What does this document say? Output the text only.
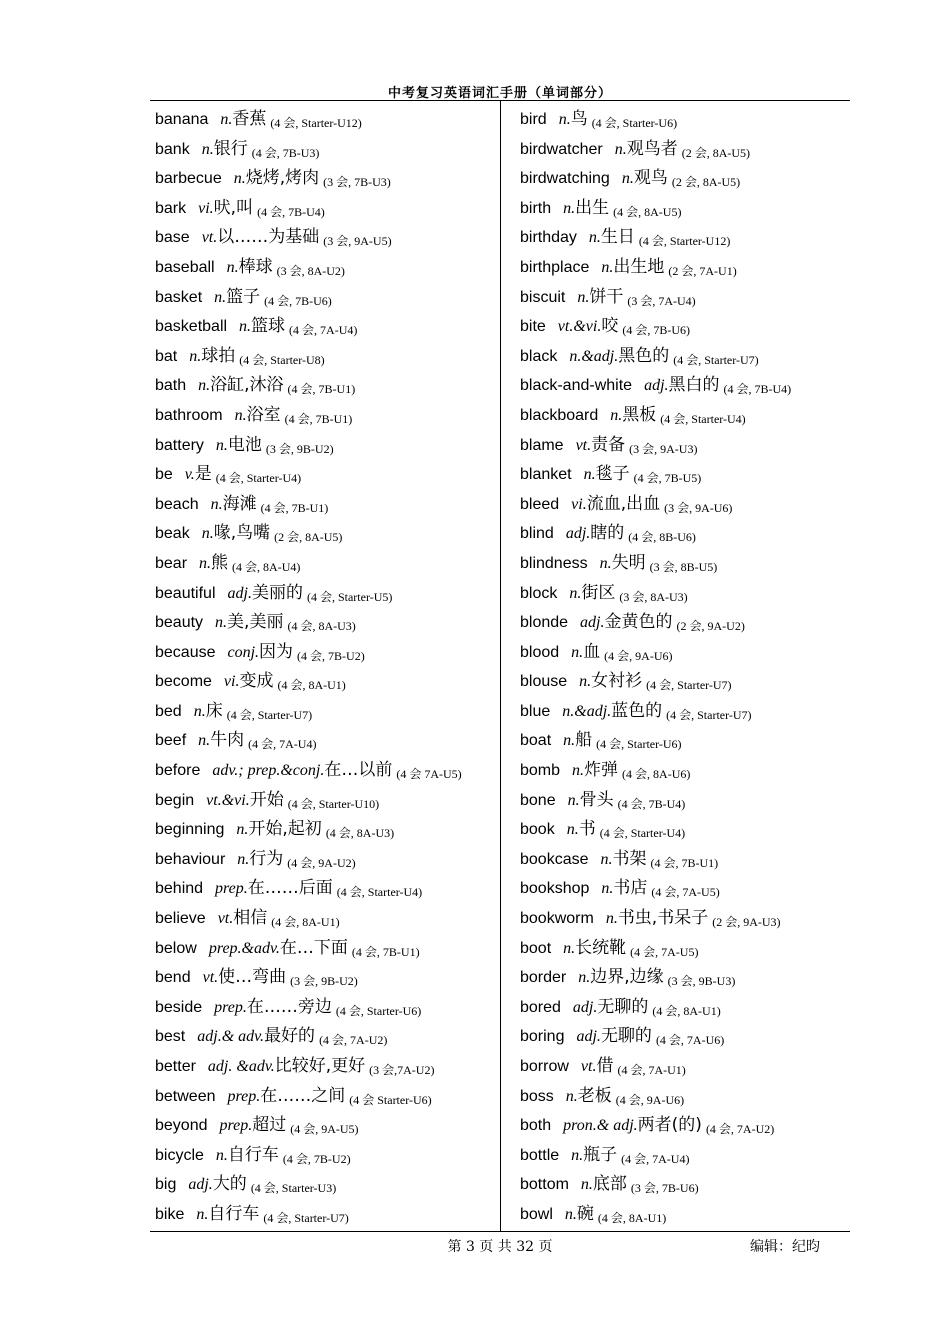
中考复习英语词汇手册（单词部分）
banana n.香蕉 (4 会, Starter-U12)
bank n.银行 (4 会, 7B-U3)
barbecue n.烧烤,烤肉 (3 会, 7B-U3)
bark vi.吠,叫 (4 会, 7B-U4)
base vt.以……为基础 (3 会, 9A-U5)
baseball n.棒球 (3 会, 8A-U2)
basket n.篮子 (4 会, 7B-U6)
basketball n.篮球 (4 会, 7A-U4)
bat n.球拍 (4 会, Starter-U8)
bath n.浴缸,沐浴 (4 会, 7B-U1)
bathroom n.浴室 (4 会, 7B-U1)
battery n.电池 (3 会, 9B-U2)
be v.是 (4 会, Starter-U4)
beach n.海滩 (4 会, 7B-U1)
beak n.喙,鸟嘴 (2 会, 8A-U5)
bear n.熊 (4 会, 8A-U4)
beautiful adj.美丽的 (4 会, Starter-U5)
beauty n.美,美丽 (4 会, 8A-U3)
because conj.因为 (4 会, 7B-U2)
become vi.变成 (4 会, 8A-U1)
bed n.床 (4 会, Starter-U7)
beef n.牛肉 (4 会, 7A-U4)
before adv.; prep.&conj.在…以前 (4 会 7A-U5)
begin vt.&vi.开始 (4 会, Starter-U10)
beginning n.开始,起初 (4 会, 8A-U3)
behaviour n.行为 (4 会, 9A-U2)
behind prep.在……后面 (4 会, Starter-U4)
believe vt.相信 (4 会, 8A-U1)
below prep.&adv.在…下面 (4 会, 7B-U1)
bend vt.使…弯曲 (3 会, 9B-U2)
beside prep.在……旁边 (4 会, Starter-U6)
best adj.& adv.最好的 (4 会, 7A-U2)
better adj. &adv.比较好,更好 (3 会,7A-U2)
between prep.在……之间 (4 会 Starter-U6)
beyond prep.超过 (4 会, 9A-U5)
bicycle n.自行车 (4 会, 7B-U2)
big adj.大的 (4 会, Starter-U3)
bike n.自行车 (4 会, Starter-U7)
bird n.鸟 (4 会, Starter-U6)
birdwatcher n.观鸟者 (2 会, 8A-U5)
birdwatching n.观鸟 (2 会, 8A-U5)
birth n.出生 (4 会, 8A-U5)
birthday n.生日 (4 会, Starter-U12)
birthplace n.出生地 (2 会, 7A-U1)
biscuit n.饼干 (3 会, 7A-U4)
bite vt.&vi.咬 (4 会, 7B-U6)
black n.&adj.黑色的 (4 会, Starter-U7)
black-and-white adj.黑白的 (4 会, 7B-U4)
blackboard n.黑板 (4 会, Starter-U4)
blame vt.责备 (3 会, 9A-U3)
blanket n.毯子 (4 会, 7B-U5)
bleed vi.流血,出血 (3 会, 9A-U6)
blind adj.瞎的 (4 会, 8B-U6)
blindness n.失明 (3 会, 8B-U5)
block n.街区 (3 会, 8A-U3)
blonde adj.金黄色的 (2 会, 9A-U2)
blood n.血 (4 会, 9A-U6)
blouse n.女衬衫 (4 会, Starter-U7)
blue n.&adj.蓝色的 (4 会, Starter-U7)
boat n.船 (4 会, Starter-U6)
bomb n.炸弹 (4 会, 8A-U6)
bone n.骨头 (4 会, 7B-U4)
book n.书 (4 会, Starter-U4)
bookcase n.书架 (4 会, 7B-U1)
bookshop n.书店 (4 会, 7A-U5)
bookworm n.书虫,书呆子 (2 会, 9A-U3)
boot n.长统靴 (4 会, 7A-U5)
border n.边界,边缘 (3 会, 9B-U3)
bored adj.无聊的 (4 会, 8A-U1)
boring adj.无聊的 (4 会, 7A-U6)
borrow vt.借 (4 会, 7A-U1)
boss n.老板 (4 会, 9A-U6)
both pron.& adj.两者(的) (4 会, 7A-U2)
bottle n.瓶子 (4 会, 7A-U4)
bottom n.底部 (3 会, 7B-U6)
bowl n.碗 (4 会, 8A-U1)
第 3 页 共 32 页	编辑：纪昀
